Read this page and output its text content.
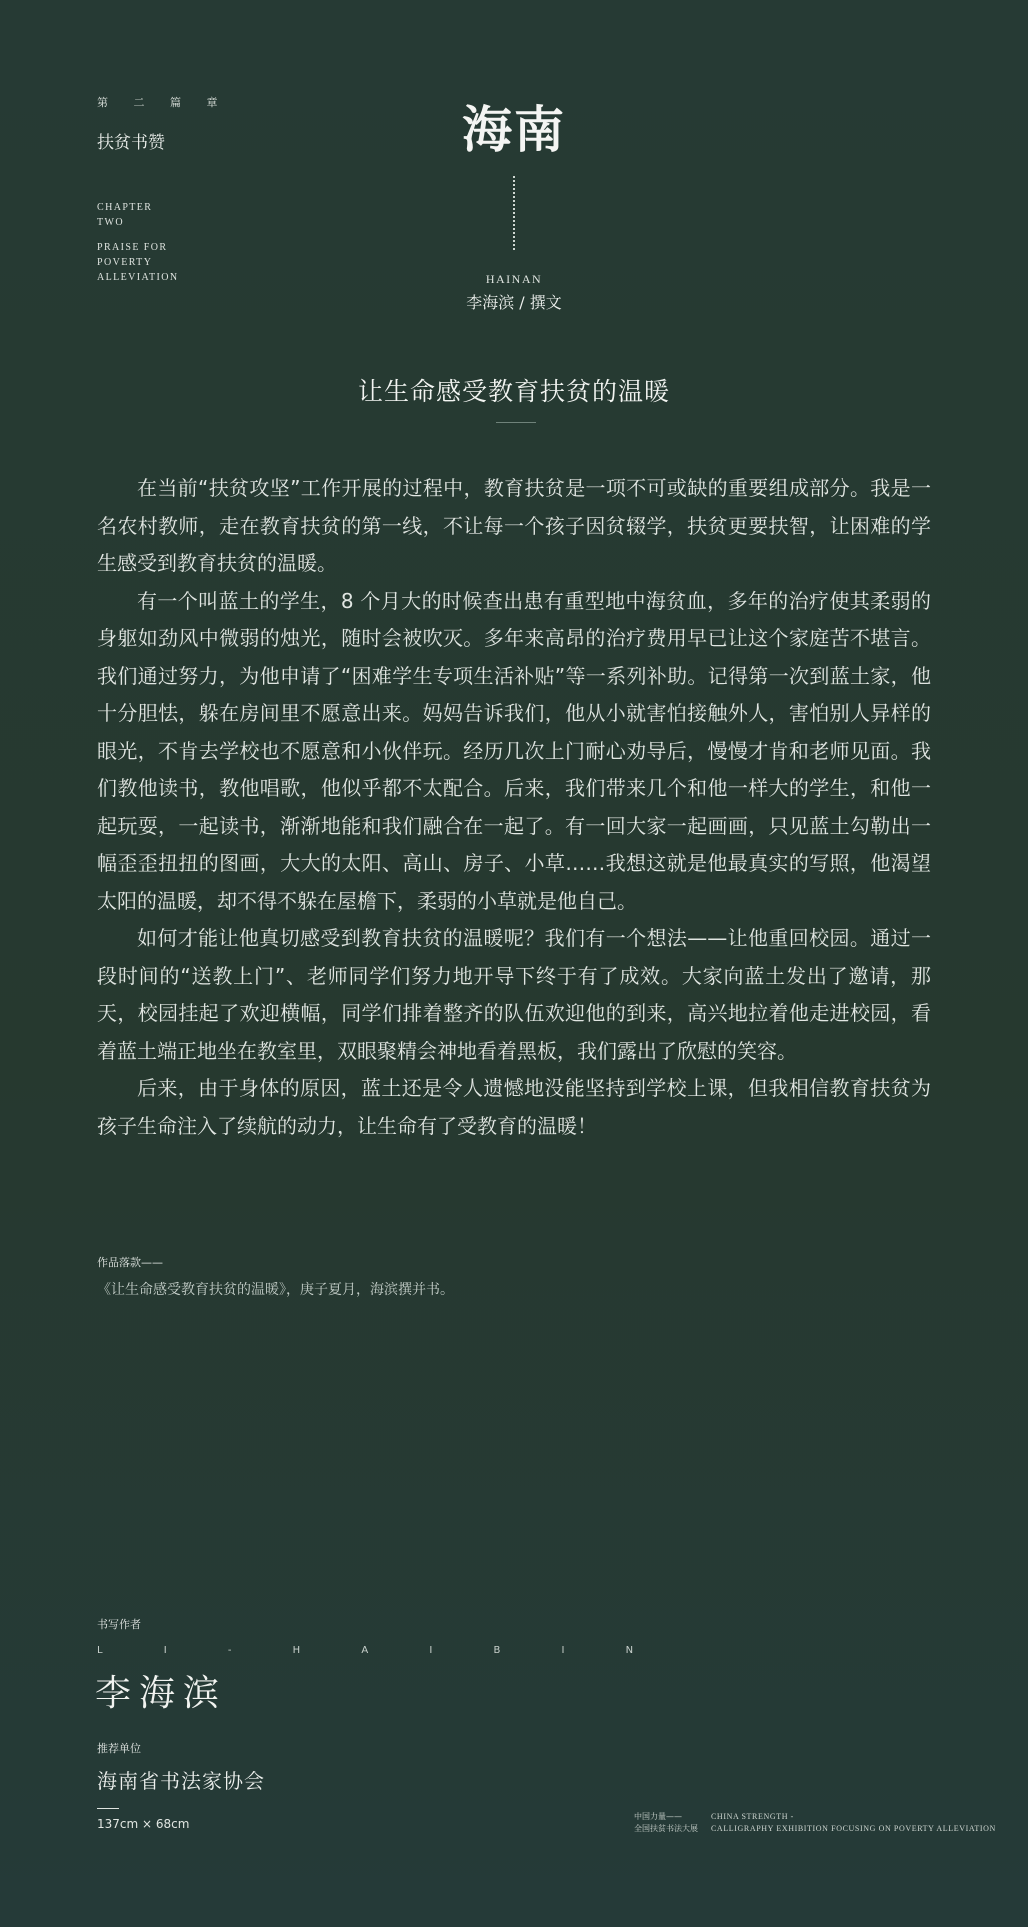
第 二 篇 章
扶贫书赞
CHAPTER
TWO
PRAISE FOR
POVERTY
ALLEVIATION
海南
HAINAN
李海滨 / 撰文
让生命感受教育扶贫的温暖

在当前“扶贫攻坚”工作开展的过程中，教育扶贫是一项不可或缺的重要组成部分。我是一名农村教师，走在教育扶贫的第一线，不让每一个孩子因贫辍学，扶贫更要扶智，让困难的学生感受到教育扶贫的温暖。

有一个叫蓝土的学生，8 个月大的时候查出患有重型地中海贫血，多年的治疗使其柔弱的身躯如劲风中微弱的烛光，随时会被吹灭。多年来高昂的治疗费用早已让这个家庭苦不堪言。我们通过努力，为他申请了“困难学生专项生活补贴”等一系列补助。记得第一次到蓝土家，他十分胆怯，躲在房间里不愿意出来。妈妈告诉我们，他从小就害怕接触外人，害怕别人异样的眼光，不肯去学校也不愿意和小伙伴玩。经历几次上门耐心劝导后，慢慢才肯和老师见面。我们教他读书，教他唱歌，他似乎都不太配合。后来，我们带来几个和他一样大的学生，和他一起玩耍，一起读书，渐渐地能和我们融合在一起了。有一回大家一起画画，只见蓝土勾勒出一幅歪歪扭扭的图画，大大的太阳、高山、房子、小草……我想这就是他最真实的写照，他渴望太阳的温暖，却不得不躲在屋檐下，柔弱的小草就是他自己。

如何才能让他真切感受到教育扶贫的温暖呢？我们有一个想法——让他重回校园。通过一段时间的“送教上门”、老师同学们努力地开导下终于有了成效。大家向蓝土发出了邀请，那天，校园挂起了欢迎横幅，同学们排着整齐的队伍欢迎他的到来，高兴地拉着他走进校园，看着蓝土端正地坐在教室里，双眼聚精会神地看着黑板，我们露出了欣慰的笑容。

后来，由于身体的原因，蓝土还是令人遗憾地没能坚持到学校上课，但我相信教育扶贫为孩子生命注入了续航的动力，让生命有了受教育的温暖！

作品落款——
《让生命感受教育扶贫的温暖》，庚子夏月，海滨撰并书。
书写作者
L I - H A I B I N
李海滨
推荐单位
海南省书法家协会
137cm × 68cm
中国力量——
全国扶贫书法大展
CHINA STRENGTH -
CALLIGRAPHY EXHIBITION FOCUSING ON POVERTY ALLEVIATION
